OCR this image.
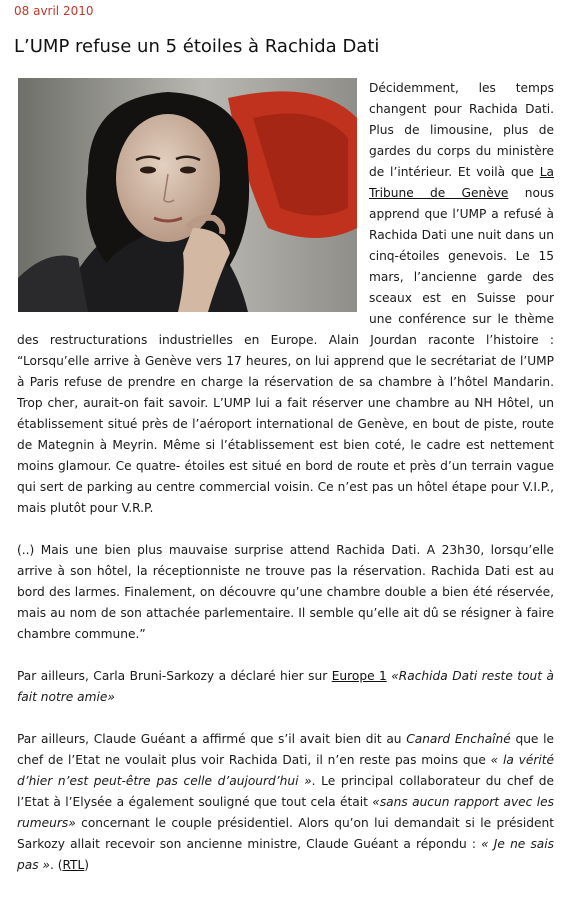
08 avril 2010
L’UMP refuse un 5 étoiles à Rachida Dati

Décidemment, les temps changent pour Rachida Dati. Plus de limousine, plus de gardes du corps du ministère de l’intérieur. Et voilà que La Tribune de Genève nous apprend que l’UMP a refusé à Rachida Dati une nuit dans un cinq-étoiles genevois. Le 15 mars, l’ancienne garde des sceaux est en Suisse pour une conférence sur le thème des restructurations industrielles en Europe. Alain Jourdan raconte l’histoire : “Lorsqu’elle arrive à Genève vers 17 heures, on lui apprend que le secrétariat de l’UMP à Paris refuse de prendre en charge la réservation de sa chambre à l’hôtel Mandarin. Trop cher, aurait-on fait savoir. L’UMP lui a fait réserver une chambre au NH Hôtel, un établissement situé près de l’aéroport international de Genève, en bout de piste, route de Mategnin à Meyrin. Même si l’établissement est bien coté, le cadre est nettement moins glamour. Ce quatre- étoiles est situé en bord de route et près d’un terrain vague qui sert de parking au centre commercial voisin. Ce n’est pas un hôtel étape pour V.I.P., mais plutôt pour V.R.P.

(..) Mais une bien plus mauvaise surprise attend Rachida Dati. A 23h30, lorsqu’elle arrive à son hôtel, la réceptionniste ne trouve pas la réservation. Rachida Dati est au bord des larmes. Finalement, on découvre qu’une chambre double a bien été réservée, mais au nom de son attachée parlementaire. Il semble qu’elle ait dû se résigner à faire chambre commune.”

Par ailleurs, Carla Bruni-Sarkozy a déclaré hier sur Europe 1 «Rachida Dati reste tout à fait notre amie»

Par ailleurs, Claude Guéant a affirmé que s’il avait bien dit au Canard Enchaîné que le chef de l’Etat ne voulait plus voir Rachida Dati, il n’en reste pas moins que « la vérité d’hier n’est peut-être pas celle d’aujourd’hui ». Le principal collaborateur du chef de l’Etat à l’Elysée a également souligné que tout cela était «sans aucun rapport avec les rumeurs» concernant le couple présidentiel. Alors qu’on lui demandait si le président Sarkozy allait recevoir son ancienne ministre, Claude Guéant a répondu : « Je ne sais pas ». (RTL)
